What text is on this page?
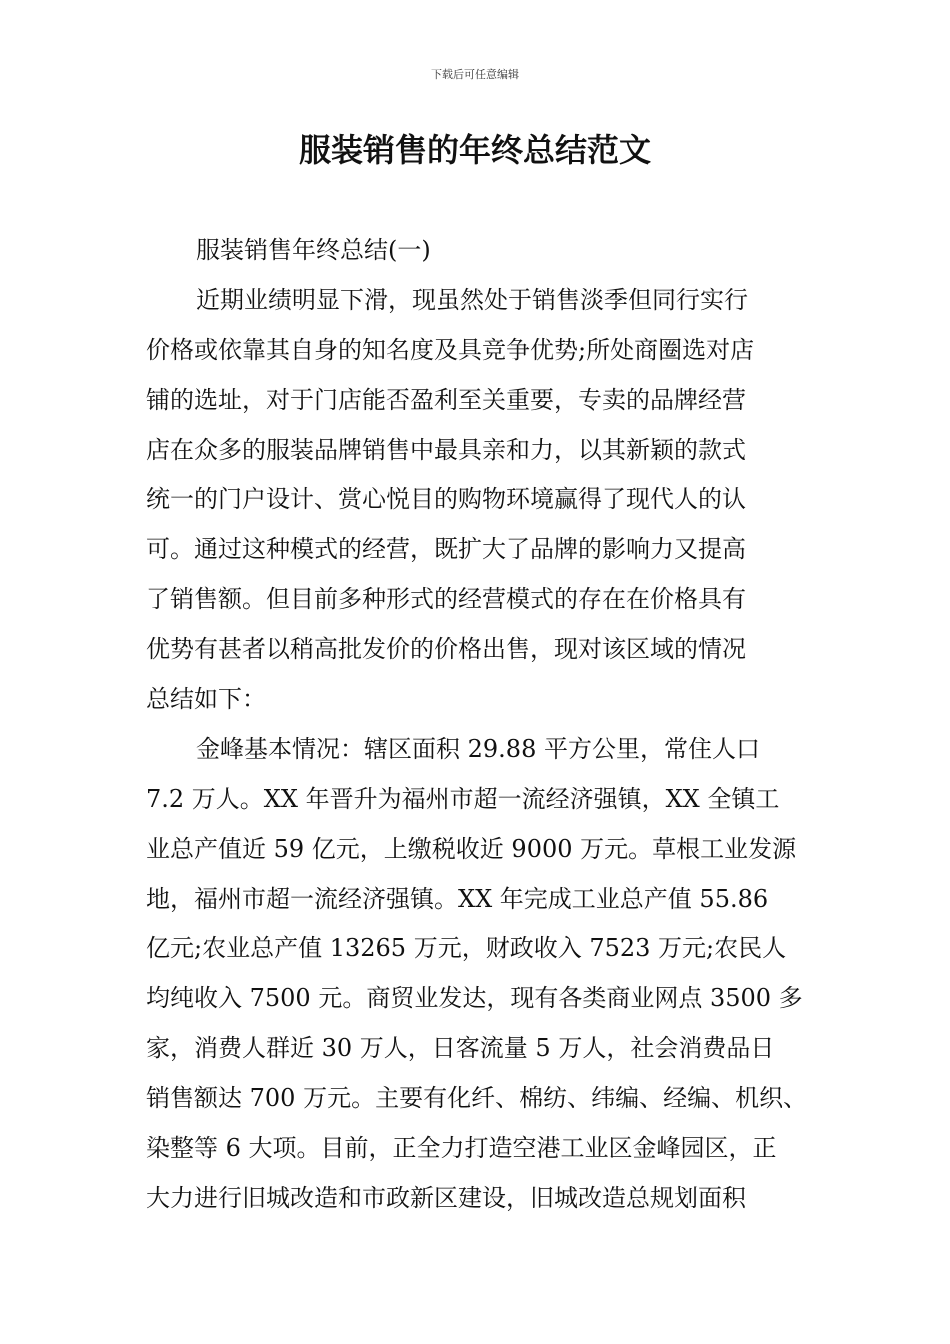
下载后可任意编辑
服装销售的年终总结范文
服装销售年终总结(一)
近期业绩明显下滑，现虽然处于销售淡季但同行实行
价格或依靠其自身的知名度及具竞争优势;所处商圈选对店
铺的选址，对于门店能否盈利至关重要，专卖的品牌经营
店在众多的服装品牌销售中最具亲和力，以其新颖的款式
统一的门户设计、赏心悦目的购物环境赢得了现代人的认
可。通过这种模式的经营，既扩大了品牌的影响力又提高
了销售额。但目前多种形式的经营模式的存在在价格具有
优势有甚者以稍高批发价的价格出售，现对该区域的情况
总结如下：
金峰基本情况：辖区面积 29.88 平方公里，常住人口
7.2 万人。XX 年晋升为福州市超一流经济强镇，XX 全镇工
业总产值近 59 亿元，上缴税收近 9000 万元。草根工业发源
地，福州市超一流经济强镇。XX 年完成工业总产值 55.86
亿元;农业总产值 13265 万元，财政收入 7523 万元;农民人
均纯收入 7500 元。商贸业发达，现有各类商业网点 3500 多
家，消费人群近 30 万人，日客流量 5 万人，社会消费品日
销售额达 700 万元。主要有化纤、棉纺、纬编、经编、机织、
染整等 6 大项。目前，正全力打造空港工业区金峰园区，正
大力进行旧城改造和市政新区建设，旧城改造总规划面积
